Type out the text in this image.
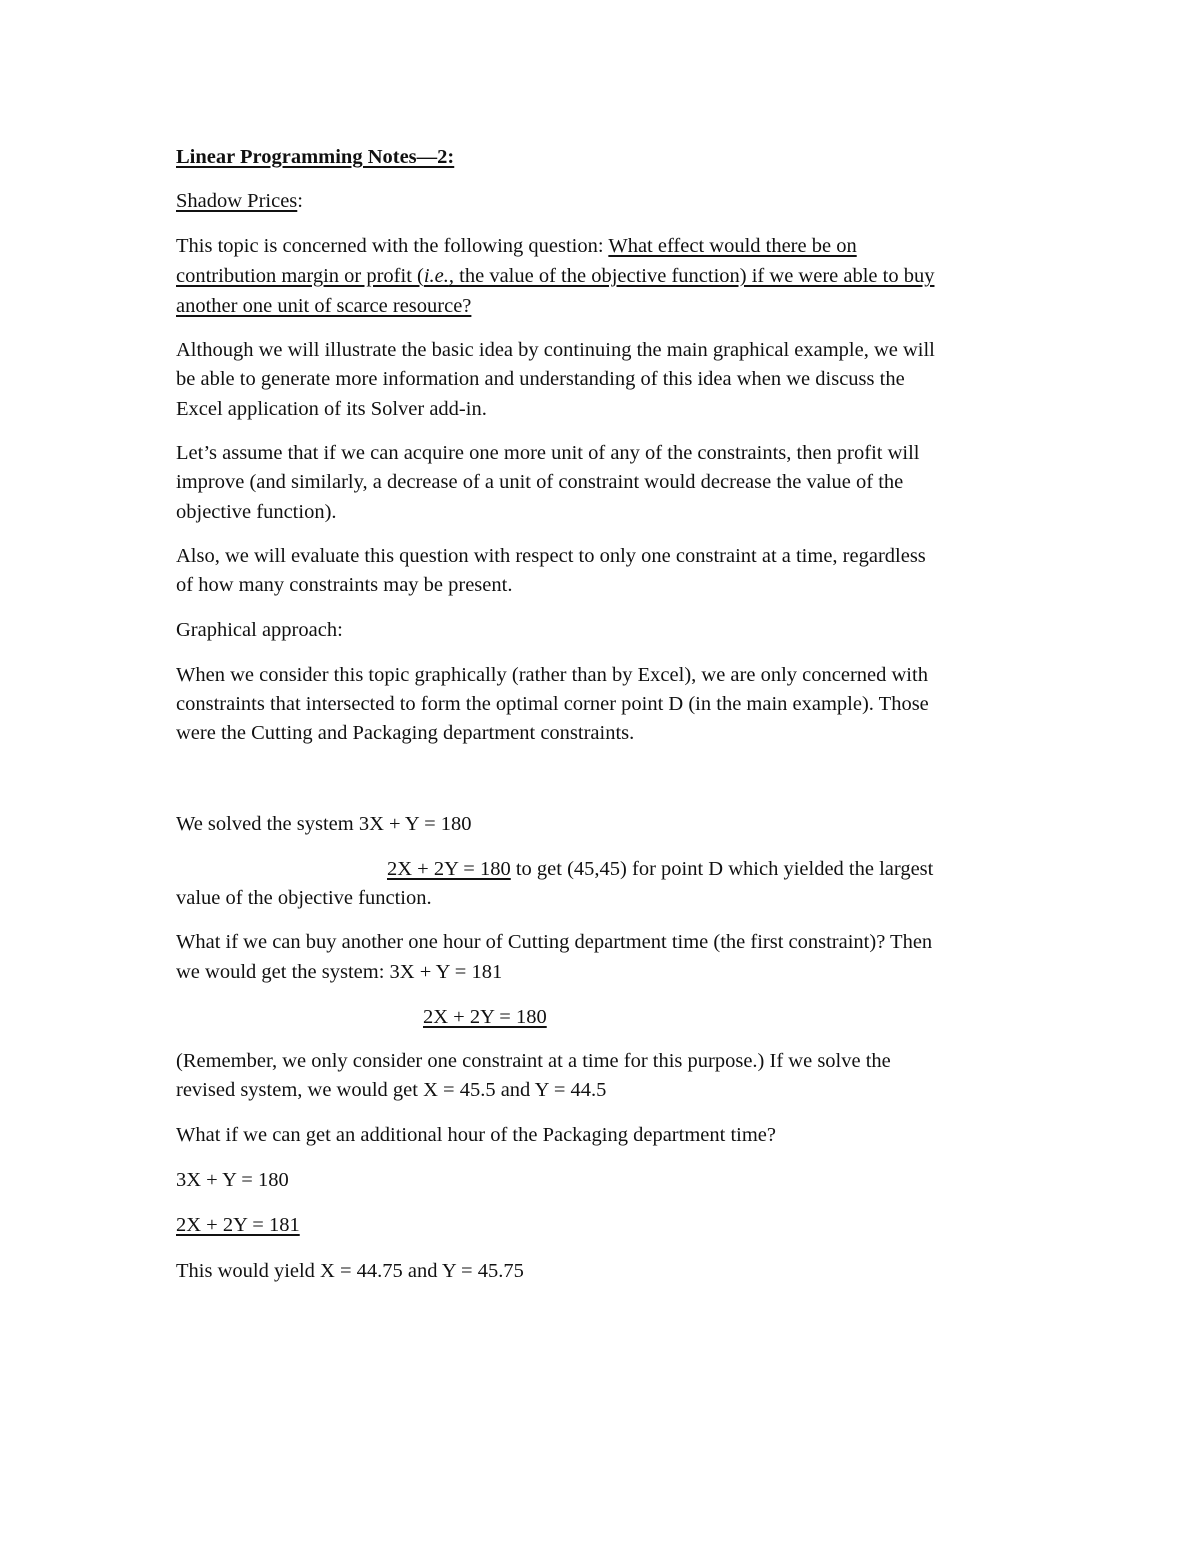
Linear Programming Notes—2:

Shadow Prices:

This topic is concerned with the following question: What effect would there be on

contribution margin or profit (i.e., the value of the objective function) if we were able to buy

another one unit of scarce resource?

Although we will illustrate the basic idea by continuing the main graphical example, we will

be able to generate more information and understanding of this idea when we discuss the

Excel application of its Solver add-in.

Let’s assume that if we can acquire one more unit of any of the constraints, then profit will

improve (and similarly, a decrease of a unit of constraint would decrease the value of the

objective function).

Also, we will evaluate this question with respect to only one constraint at a time, regardless

of how many constraints may be present.

Graphical approach:

When we consider this topic graphically (rather than by Excel), we are only concerned with

constraints that intersected to form the optimal corner point D (in the main example). Those

were the Cutting and Packaging department constraints.

We solved the system 3X + Y = 180

2X + 2Y = 180 to get (45,45) for point D which yielded the largest

value of the objective function.

What if we can buy another one hour of Cutting department time (the first constraint)? Then

we would get the system: 3X + Y = 181

2X + 2Y = 180

(Remember, we only consider one constraint at a time for this purpose.) If we solve the

revised system, we would get X = 45.5 and Y = 44.5

What if we can get an additional hour of the Packaging department time?

3X + Y = 180

2X + 2Y = 181

This would yield X = 44.75 and Y = 45.75
